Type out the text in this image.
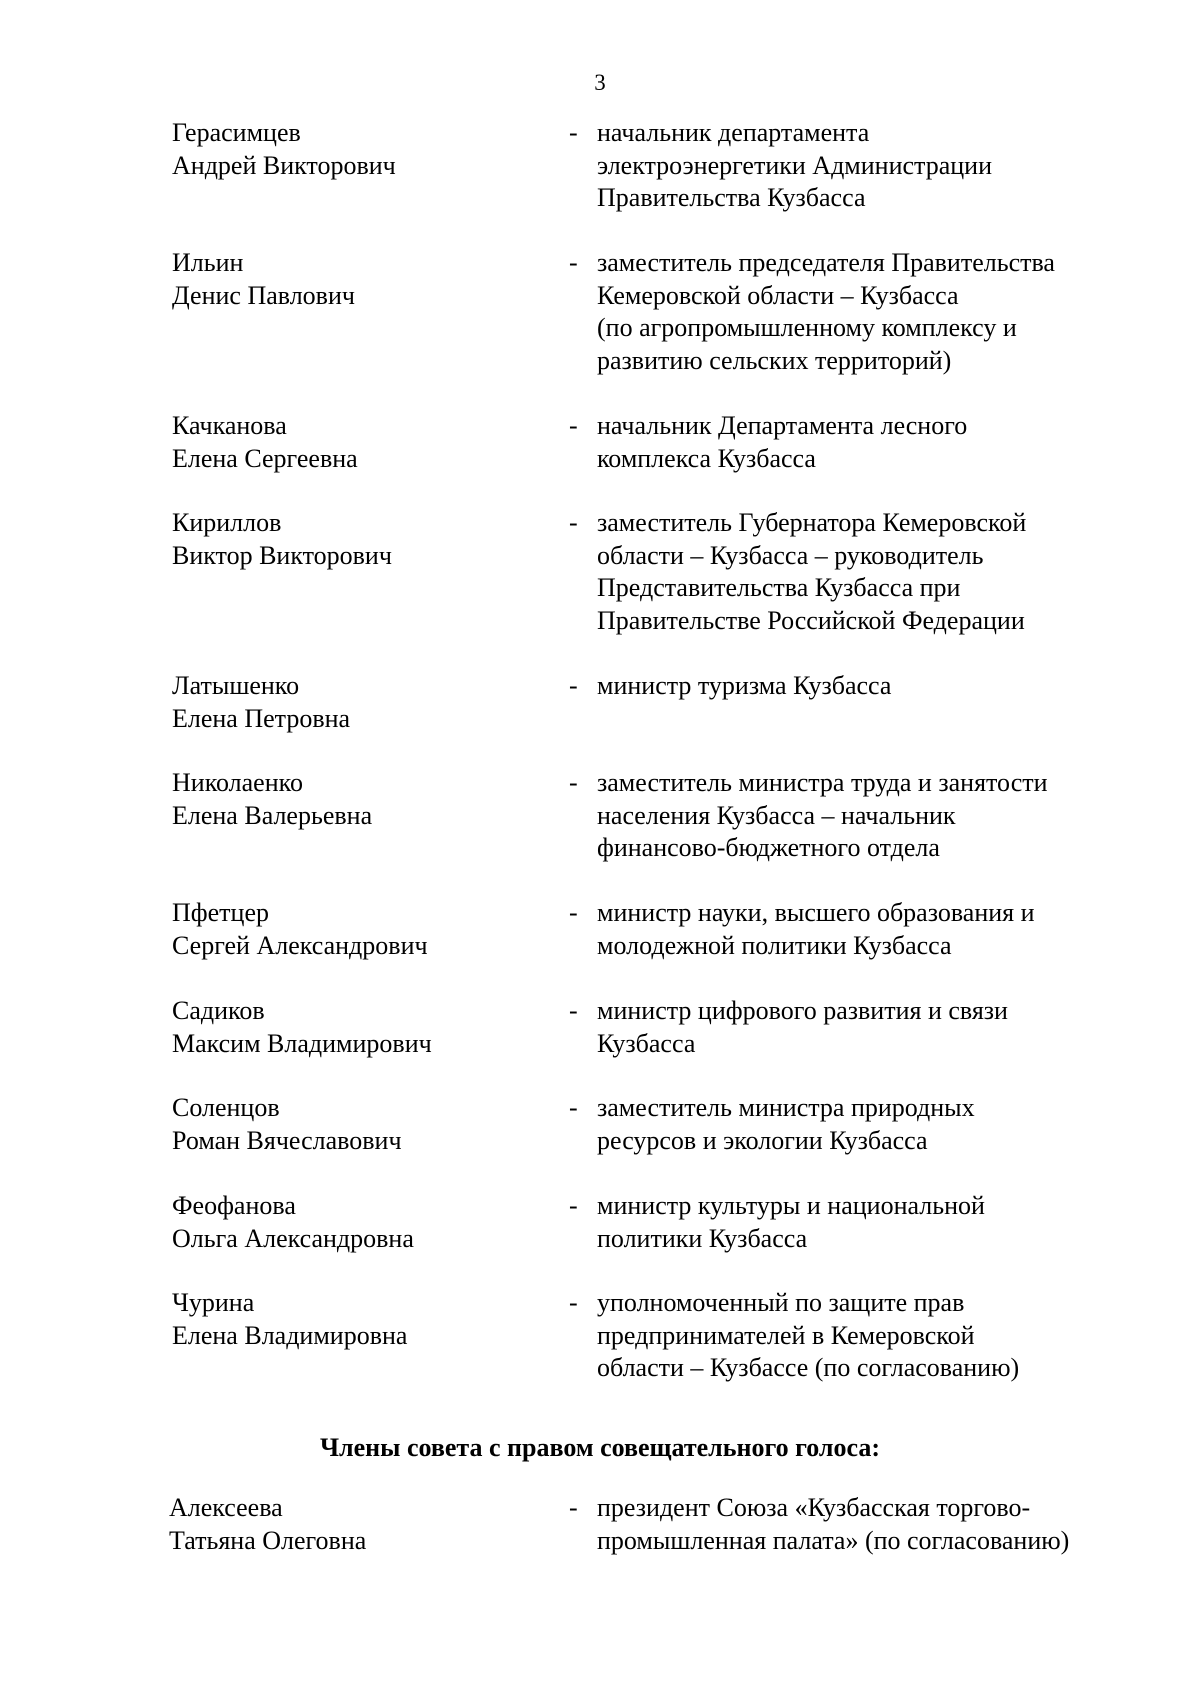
3
Герасимцев
Андрей Викторович
- начальник департамента
электроэнергетики Администрации
Правительства Кузбасса
Ильин
Денис Павлович
- заместитель председателя Правительства
Кемеровской области – Кузбасса
(по агропромышленному комплексу и
развитию сельских территорий)
Качканова
Елена Сергеевна
- начальник Департамента лесного
комплекса Кузбасса
Кириллов
Виктор Викторович
- заместитель Губернатора Кемеровской
области – Кузбасса – руководитель
Представительства Кузбасса при
Правительстве Российской Федерации
Латышенко
Елена Петровна
- министр туризма Кузбасса
Николаенко
Елена Валерьевна
- заместитель министра труда и занятости
населения Кузбасса – начальник
финансово-бюджетного отдела
Пфетцер
Сергей Александрович
- министр науки, высшего образования и
молодежной политики Кузбасса
Садиков
Максим Владимирович
- министр цифрового развития и связи
Кузбасса
Соленцов
Роман Вячеславович
- заместитель министра природных
ресурсов и экологии Кузбасса
Феофанова
Ольга Александровна
- министр культуры и национальной
политики Кузбасса
Чурина
Елена Владимировна
- уполномоченный по защите прав
предпринимателей в Кемеровской
области – Кузбассе (по согласованию)
Члены совета с правом совещательного голоса:
Алексеева
Татьяна Олеговна
- президент Союза «Кузбасская торгово-
промышленная палата» (по согласованию)
